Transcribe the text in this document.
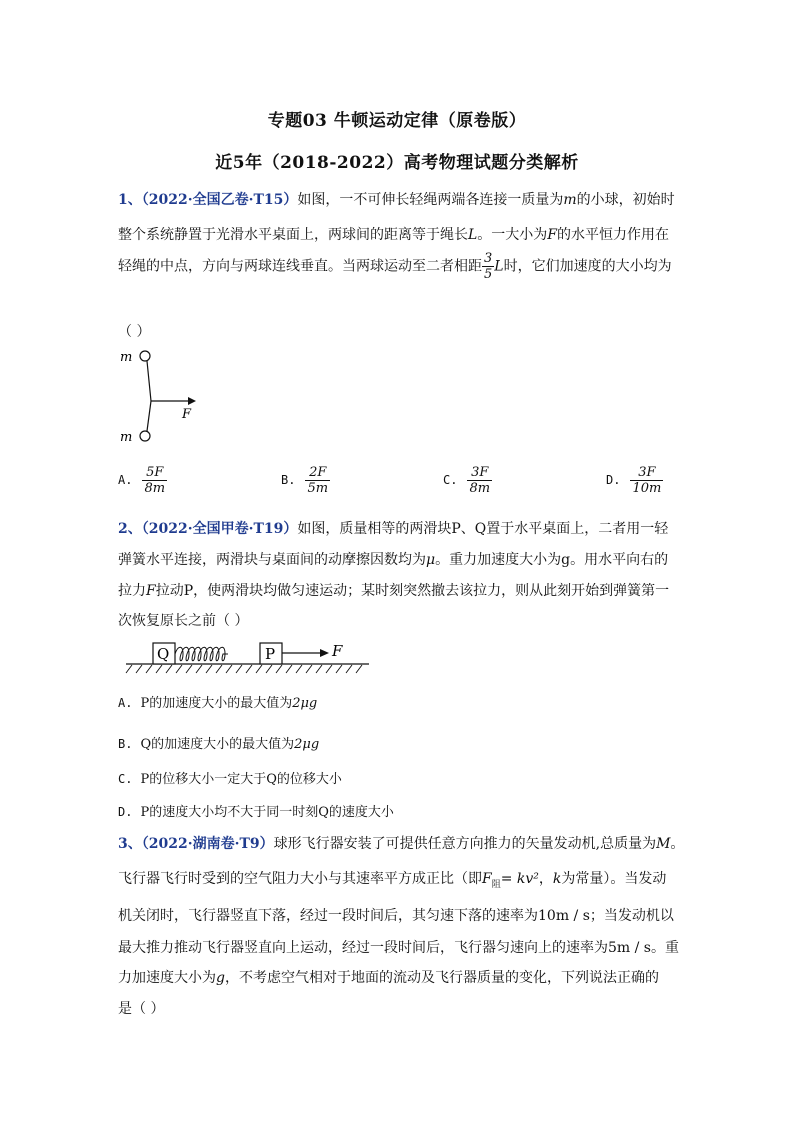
专题03 牛顿运动定律（原卷版）
近5年（2018-2022）高考物理试题分类解析
1、（2022·全国乙卷·T15）如图，一不可伸长轻绳两端各连接一质量为m的小球，初始时
整个系统静置于光滑水平桌面上，两球间的距离等于绳长L。一大小为F的水平恒力作用在
轻绳的中点，方向与两球连线垂直。当两球运动至二者相距 $\frac{3}{5}$ L时，它们加速度的大小均为
（ ）
m
m
F
A. $\frac{5F}{8m}$	B. $\frac{2F}{5m}$	C. $\frac{3F}{8m}$	D. $\frac{3F}{10m}$
2、（2022·全国甲卷·T19）如图，质量相等的两滑块P、Q置于水平桌面上，二者用一轻
弹簧水平连接，两滑块与桌面间的动摩擦因数均为μ。重力加速度大小为g。用水平向右的
拉力F拉动P，使两滑块均做匀速运动；某时刻突然撤去该拉力，则从此刻开始到弹簧第一
次恢复原长之前（ ）
Q	P	F
A. P的加速度大小的最大值为2μg
B. Q的加速度大小的最大值为2μg
C. P的位移大小一定大于Q的位移大小
D. P的速度大小均不大于同一时刻Q的速度大小
3、（2022·湖南卷·T9）球形飞行器安装了可提供任意方向推力的矢量发动机,总质量为M。
飞行器飞行时受到的空气阻力大小与其速率平方成正比（即$F_阻= kv^2$，k为常量）。当发动
机关闭时，飞行器竖直下落，经过一段时间后，其匀速下落的速率为10m / s；当发动机以
最大推力推动飞行器竖直向上运动，经过一段时间后，飞行器匀速向上的速率为5m / s。重
力加速度大小为g，不考虑空气相对于地面的流动及飞行器质量的变化，下列说法正确的
是（ ）
